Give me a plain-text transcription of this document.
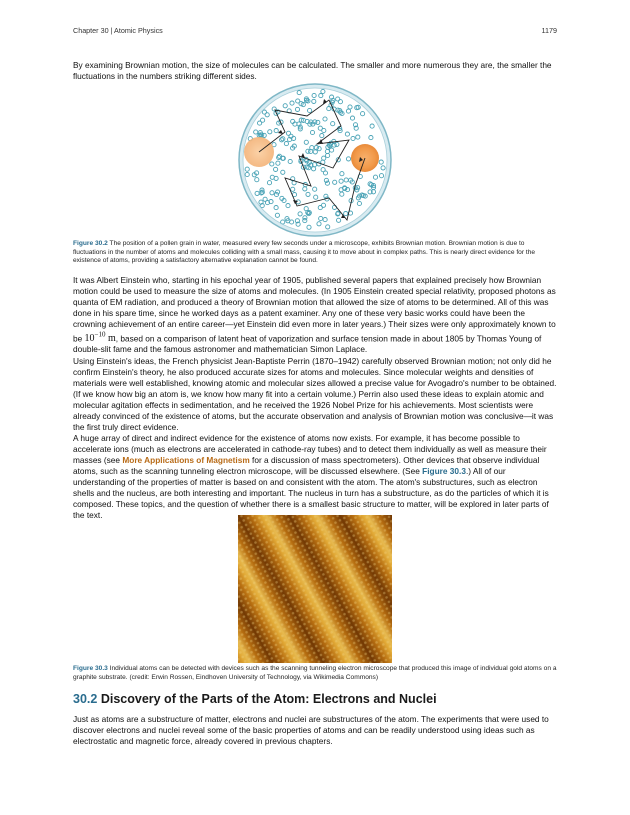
Chapter 30 | Atomic Physics	1179

By examining Brownian motion, the size of molecules can be calculated. The smaller and more numerous they are, the smaller the fluctuations in the numbers striking different sides.

Figure 30.2 The position of a pollen grain in water, measured every few seconds under a microscope, exhibits Brownian motion. Brownian motion is due to fluctuations in the number of atoms and molecules colliding with a small mass, causing it to move about in complex paths. This is nearly direct evidence for the existence of atoms, providing a satisfactory alternative explanation cannot be found.

It was Albert Einstein who, starting in his epochal year of 1905, published several papers that explained precisely how Brownian motion could be used to measure the size of atoms and molecules. (In 1905 Einstein created special relativity, proposed photons as quanta of EM radiation, and produced a theory of Brownian motion that allowed the size of atoms to be determined. All of this was done in his spare time, since he worked days as a patent examiner. Any one of these very basic works could have been the crowning achievement of an entire career—yet Einstein did even more in later years.) Their sizes were only approximately known to be $10^{-10}$ m, based on a comparison of latent heat of vaporization and surface tension made in about 1805 by Thomas Young of double-slit fame and the famous astronomer and mathematician Simon Laplace.

Using Einstein's ideas, the French physicist Jean-Baptiste Perrin (1870–1942) carefully observed Brownian motion; not only did he confirm Einstein's theory, he also produced accurate sizes for atoms and molecules. Since molecular weights and densities of materials were well established, knowing atomic and molecular sizes allowed a precise value for Avogadro's number to be obtained. (If we know how big an atom is, we know how many fit into a certain volume.) Perrin also used these ideas to explain atomic and molecular agitation effects in sedimentation, and he received the 1926 Nobel Prize for his achievements. Most scientists were already convinced of the existence of atoms, but the accurate observation and analysis of Brownian motion was conclusive—it was the first truly direct evidence.

A huge array of direct and indirect evidence for the existence of atoms now exists. For example, it has become possible to accelerate ions (much as electrons are accelerated in cathode-ray tubes) and to detect them individually as well as measure their masses (see More Applications of Magnetism for a discussion of mass spectrometers). Other devices that observe individual atoms, such as the scanning tunneling electron microscope, will be discussed elsewhere. (See Figure 30.3.) All of our understanding of the properties of matter is based on and consistent with the atom. The atom's substructures, such as electron shells and the nucleus, are both interesting and important. The nucleus in turn has a substructure, as do the particles of which it is composed. These topics, and the question of whether there is a smallest basic structure to matter, will be explored in later parts of the text.

Figure 30.3 Individual atoms can be detected with devices such as the scanning tunneling electron microscope that produced this image of individual gold atoms on a graphite substrate. (credit: Erwin Rossen, Eindhoven University of Technology, via Wikimedia Commons)

30.2 Discovery of the Parts of the Atom: Electrons and Nuclei

Just as atoms are a substructure of matter, electrons and nuclei are substructures of the atom. The experiments that were used to discover electrons and nuclei reveal some of the basic properties of atoms and can be readily understood using ideas such as electrostatic and magnetic force, already covered in previous chapters.
